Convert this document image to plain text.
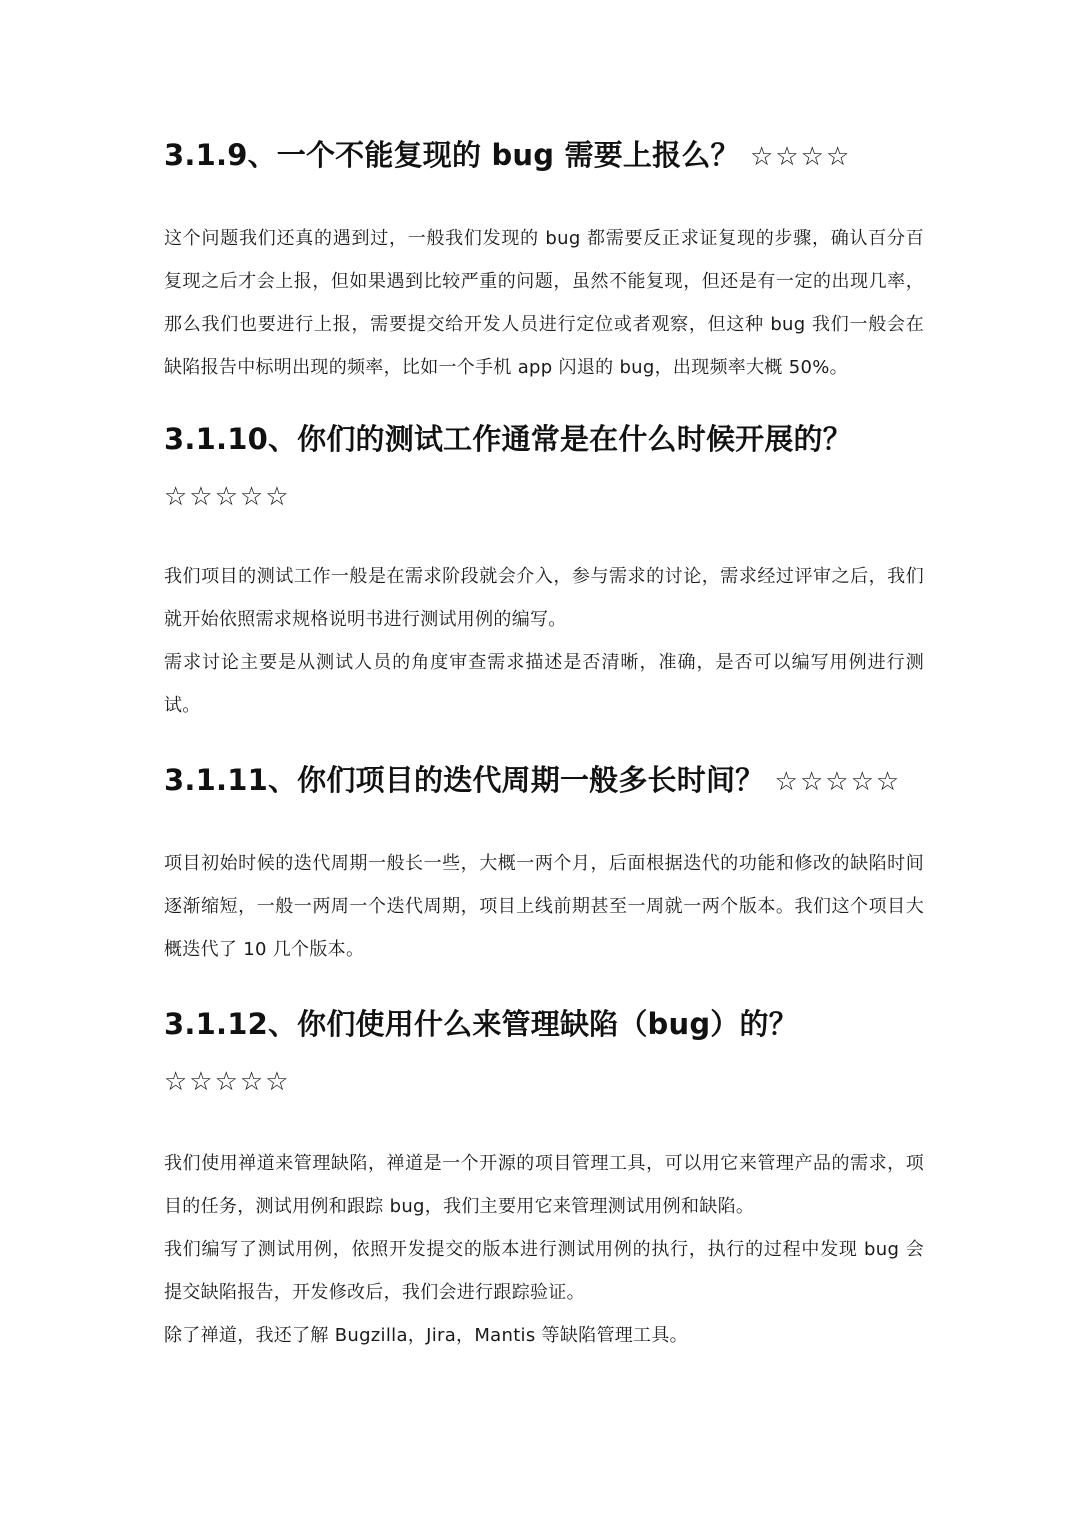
3.1.9、一个不能复现的 bug 需要上报么？ ☆☆☆☆

这个问题我们还真的遇到过，一般我们发现的 bug 都需要反正求证复现的步骤，确认百分百复现之后才会上报，但如果遇到比较严重的问题，虽然不能复现，但还是有一定的出现几率，那么我们也要进行上报，需要提交给开发人员进行定位或者观察，但这种 bug 我们一般会在缺陷报告中标明出现的频率，比如一个手机 app 闪退的 bug，出现频率大概 50%。

3.1.10、你们的测试工作通常是在什么时候开展的？ ☆☆☆☆☆

我们项目的测试工作一般是在需求阶段就会介入，参与需求的讨论，需求经过评审之后，我们就开始依照需求规格说明书进行测试用例的编写。

需求讨论主要是从测试人员的角度审查需求描述是否清晰，准确，是否可以编写用例进行测试。

3.1.11、你们项目的迭代周期一般多长时间？ ☆☆☆☆☆

项目初始时候的迭代周期一般长一些，大概一两个月，后面根据迭代的功能和修改的缺陷时间逐渐缩短，一般一两周一个迭代周期，项目上线前期甚至一周就一两个版本。我们这个项目大概迭代了 10 几个版本。

3.1.12、你们使用什么来管理缺陷（bug）的？ ☆☆☆☆☆

我们使用禅道来管理缺陷，禅道是一个开源的项目管理工具，可以用它来管理产品的需求，项目的任务，测试用例和跟踪 bug，我们主要用它来管理测试用例和缺陷。

我们编写了测试用例，依照开发提交的版本进行测试用例的执行，执行的过程中发现 bug 会提交缺陷报告，开发修改后，我们会进行跟踪验证。

除了禅道，我还了解 Bugzilla，Jira，Mantis 等缺陷管理工具。
